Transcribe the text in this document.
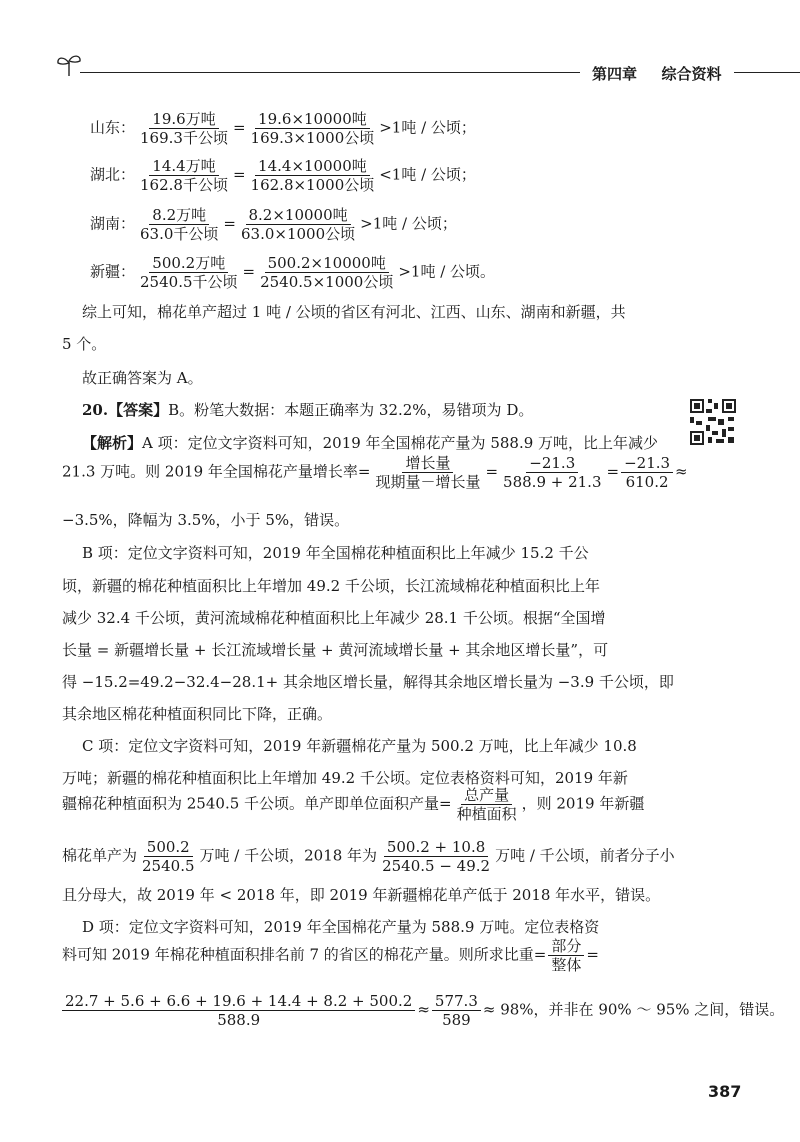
第四章 综合资料
山东： $\frac{\text{19.6万吨}}{\text{169.3千公顷}} = \frac{\text{19.6×10000吨}}{\text{169.3×1000公顷}} >1$吨 / 公顷；
湖北： $\frac{\text{14.4万吨}}{\text{162.8千公顷}} = \frac{\text{14.4×10000吨}}{\text{162.8×1000公顷}} <1$吨 / 公顷；
湖南： $\frac{\text{8.2万吨}}{\text{63.0千公顷}} = \frac{\text{8.2×10000吨}}{\text{63.0×1000公顷}} >1$吨 / 公顷；
新疆： $\frac{\text{500.2万吨}}{\text{2540.5千公顷}} = \frac{\text{500.2×10000吨}}{\text{2540.5×1000公顷}} >1$吨 / 公顷。
综上可知，棉花单产超过 1 吨 / 公顷的省区有河北、江西、山东、湖南和新疆，共
5 个。
故正确答案为 A。
20.【答案】B。粉笔大数据：本题正确率为 32.2%，易错项为 D。
【解析】A 项：定位文字资料可知，2019 年全国棉花产量为 588.9 万吨，比上年减少
21.3 万吨。则 2019 年全国棉花产量增长率= $\frac{\text{增长量}}{\text{现期量－增长量}} = \frac{-21.3}{588.9 + 21.3} = \frac{-21.3}{610.2}$ ≈
−3.5%，降幅为 3.5%，小于 5%，错误。
B 项：定位文字资料可知，2019 年全国棉花种植面积比上年减少 15.2 千公
顷，新疆的棉花种植面积比上年增加 49.2 千公顷，长江流域棉花种植面积比上年
减少 32.4 千公顷，黄河流域棉花种植面积比上年减少 28.1 千公顷。根据“全国增
长量 = 新疆增长量 + 长江流域增长量 + 黄河流域增长量 + 其余地区增长量”，可
得 −15.2=49.2−32.4−28.1+ 其余地区增长量，解得其余地区增长量为 −3.9 千公顷，即
其余地区棉花种植面积同比下降，正确。
C 项：定位文字资料可知，2019 年新疆棉花产量为 500.2 万吨，比上年减少 10.8
万吨；新疆的棉花种植面积比上年增加 49.2 千公顷。定位表格资料可知，2019 年新
疆棉花种植面积为 2540.5 千公顷。单产即单位面积产量= $\frac{\text{总产量}}{\text{种植面积}}$ ，则 2019 年新疆
棉花单产为 $\frac{500.2}{2540.5}$ 万吨 / 千公顷，2018 年为 $\frac{500.2 + 10.8}{2540.5 - 49.2}$ 万吨 / 千公顷，前者分子小
且分母大，故 2019 年 < 2018 年，即 2019 年新疆棉花单产低于 2018 年水平，错误。
D 项：定位文字资料可知，2019 年全国棉花产量为 588.9 万吨。定位表格资
料可知 2019 年棉花种植面积排名前 7 的省区的棉花产量。则所求比重= $\frac{\text{部分}}{\text{整体}}$ =
$\frac{22.7 + 5.6 + 6.6 + 19.6 + 14.4 + 8.2 + 500.2}{588.9} \approx \frac{577.3}{589} \approx 98\%$，并非在 90% ～ 95% 之间，错误。
387
